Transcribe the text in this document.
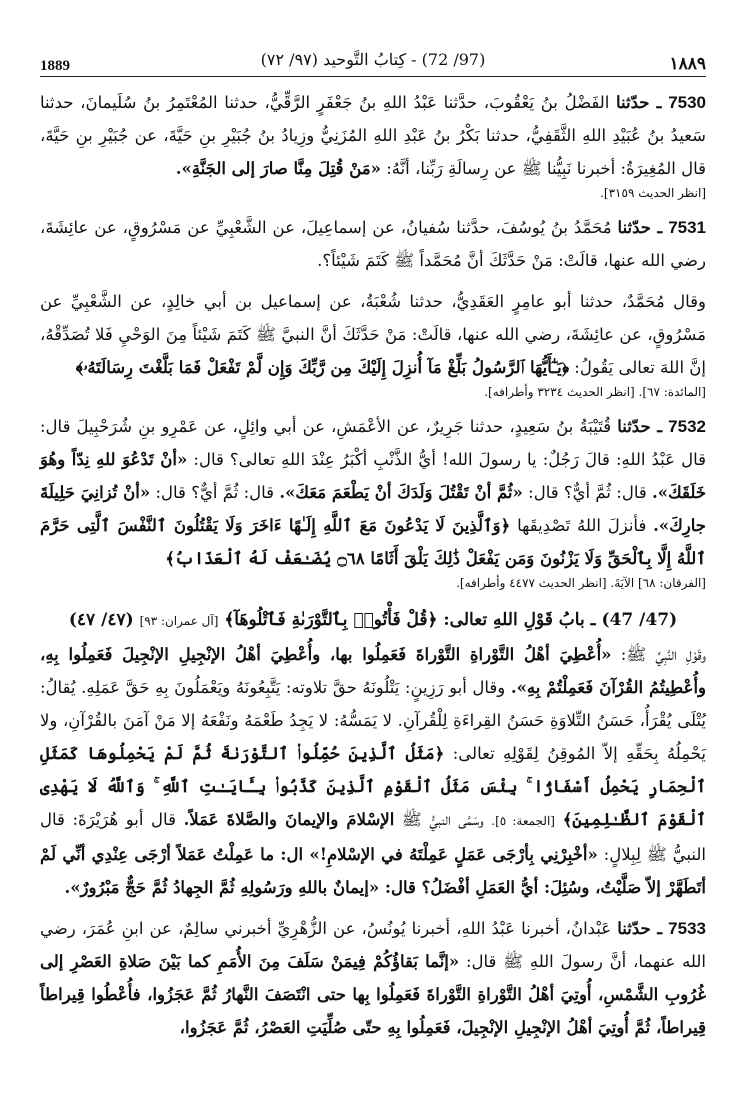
1889	(97/ 72) - كِتابُ التَّوحيد (٩٧/ ٧٢)	١٨٨٩

7530 ـ حدّثنا الفَضْلُ بنُ يَعْقُوبَ، حدَّثنا عَبْدُ اللهِ بنُ جَعْفَرٍ الرَّقِّيُّ، حدثنا المُعْتَمِرُ بنُ سُلَيمانَ، حدثنا سَعيدُ بنُ عُبَيْدِ اللهِ الثَّقَفِيُّ، حدثنا بَكْرُ بنُ عَبْدِ اللهِ المُزَنِيُّ وزِيادُ بنُ جُبَيْرِ بنِ حَيَّةَ، عن جُبَيْرِ بنِ حَيَّةَ، قال المُغِيرَةُ: أخبرنا نَبِيُّنا ﷺ عن رِسالَةِ رَبِّنا، أنَّهُ: «مَنْ قُتِلَ مِنَّا صارَ إلى الجَنَّةِ».
[انظر الحديث ٣١٥٩].

7531 ـ حدّثنا مُحَمَّدُ بنُ يُوسُفَ، حدَّثنا سُفيانُ، عن إسماعِيلَ، عن الشَّعْبِيِّ عن مَسْرُوقٍ، عن عائِشَةَ، رضي الله عنها، قالَتْ: مَنْ حَدَّثَكَ أنَّ مُحَمَّداً ﷺ كَتَمَ شَيْئاً؟.

وقال مُحَمَّدٌ، حدثنا أبو عامِرٍ العَقَدِيُّ، حدثنا شُعْبَةُ، عن إسماعيل بن أبي خالِدٍ، عن الشَّعْبِيِّ عن مَسْرُوقٍ، عن عائِشَةَ، رضي الله عنها، قالَتْ: مَنْ حَدَّثَكَ أنَّ النبيَّ ﷺ كَتَمَ شَيْئاً مِنَ الوَحْيِ فَلا تُصَدِّقْهُ، إنَّ اللهَ تعالى يَقُولُ: ﴿يَـٰٓأَيُّهَا ٱلرَّسُولُ بَلِّغْ مَآ أُنزِلَ إِلَيْكَ مِن رَّبِّكَ وَإِن لَّمْ تَفْعَلْ فَمَا بَلَّغْتَ رِسَالَتَهُۥ﴾
[المائدة: ٦٧]. [انظر الحديث ٣٢٣٤ وأطرافه].

7532 ـ حدّثنا قُتَيْبَةُ بنُ سَعِيدٍ، حدثنا جَرِيرٌ، عن الأعْمَشِ، عن أبي وائِلٍ، عن عَمْرِو بنِ شُرَحْبِيلَ قال: قال عَبْدُ اللهِ: قالَ رَجُلٌ: يا رسولَ الله! أيُّ الذَّنْبِ أكْبَرُ عِنْدَ اللهِ تعالى؟ قال: «أنْ تَدْعُوَ للهِ نِدّاً وهُوَ خَلَقَكَ». قال: ثُمَّ أيٌّ؟ قال: «ثُمَّ أنْ تَقْتُلَ وَلَدَكَ أنْ يَطْعَمَ مَعَكَ». قال: ثُمَّ أيٌّ؟ قال: «أنْ تُزانِيَ حَلِيلَةَ جارِكَ». فأنزلَ اللهُ تَصْدِيقَها ﴿وَٱلَّذِينَ لَا يَدْعُونَ مَعَ ٱللَّهِ إِلَـٰهًا ءَاخَرَ وَلَا يَقْتُلُونَ ٱلنَّفْسَ ٱلَّتِى حَرَّمَ ٱللَّهُ إِلَّا بِٱلْحَقِّ وَلَا يَزْنُونَ وَمَن يَفْعَلْ ذَٰلِكَ يَلْقَ أَثَامًا ۝٦٨ يُضَـٰعَفْ لَهُ ٱلْعَذَابُ﴾
[الفرقان: ٦٨] الآيَةَ. [انظر الحديث ٤٤٧٧ وأطرافه].

(47/ 47) ـ بابُ قَوْلِ اللهِ تعالى: ﴿قُلْ فَأْتُوا۟ بِٱلتَّوْرَىٰةِ فَٱتْلُوهَآ﴾ [آل عمران: ٩٣] (٤٧/ ٤٧)

وقَوْلِ النَّبِيِّ ﷺ: «أُعْطِيَ أهْلُ التَّوْراةِ التَّوْراةَ فَعَمِلُوا بها، وأُعْطِيَ أهْلُ الإنْجِيلِ الإنْجِيلَ فَعَمِلُوا بِهِ، وأُعْطِيتُمُ القُرْآنَ فَعَمِلْتُمْ بِهِ». وقال أبو رَزِينٍ: يَتْلُونَهُ حقَّ تلاوته: يَتَّبِعُونَهُ ويَعْمَلُونَ بِهِ حَقَّ عَمَلِهِ. يُقالُ: يُتْلَى يُقْرَأُ، حَسَنُ التِّلاوَةِ حَسَنُ القِراءَةِ لِلْقُرآنِ. لا يَمَسُّهُ: لا يَجِدُ طَعْمَهُ ونَفْعَهُ إلا مَنْ آمَنَ بالقُرْآنِ، ولا يَحْمِلُهُ بِحَقِّهِ إلاّ المُوقِنُ لِقَوْلِهِ تعالى: ﴿مَثَلُ ٱلَّذِينَ حُمِّلُوا۟ ٱلتَّوْرَىٰةَ ثُمَّ لَمْ يَحْمِلُوهَا كَمَثَلِ ٱلْحِمَارِ يَحْمِلُ أَسْفَارًۢا ۚ بِئْسَ مَثَلُ ٱلْقَوْمِ ٱلَّذِينَ كَذَّبُوا۟ بِـَٔايَـٰتِ ٱللَّهِ ۚ وَٱللَّهُ لَا يَهْدِى ٱلْقَوْمَ ٱلظَّـٰلِمِينَ﴾ [الجمعة: ٥]. وسَمَّى النبيُّ ﷺ الإسْلامَ والإيمانَ والصَّلاةَ عَمَلاً. قال أبو هُرَيْرَةَ: قال النبيُّ ﷺ لِبِلالٍ: «أخْبِرْنِي بِأرْجَى عَمَلٍ عَمِلْتَهُ في الإسْلامِ!» ال: ما عَمِلْتُ عَمَلاً أرْجَى عِنْدِي أنِّي لَمْ أتَطَهَّرْ إلاّ صَلَّيْتُ، وسُئِلَ: أيُّ العَمَلِ أفْضَلُ؟ قال: «إيمانٌ باللهِ ورَسُولِهِ ثُمَّ الجِهادُ ثُمَّ حَجٌّ مَبْرُورٌ».

7533 ـ حدّثنا عَبْدانُ، أخبرنا عَبْدُ اللهِ، أخبرنا يُونُسُ، عن الزُّهْرِيِّ أخبرني سالِمٌ، عن ابنِ عُمَرَ، رضي الله عنهما، أنَّ رسولَ اللهِ ﷺ قال: «إنَّما بَقاؤُكُمْ فِيمَنْ سَلَفَ مِنَ الأُمَمِ كما بَيْنَ صَلاةِ العَصْرِ إلى غُرُوبِ الشَّمْسِ، أُوتِيَ أهْلُ التَّوْراةِ التَّوْراةَ فَعَمِلُوا بِها حتى انْتَصَفَ النَّهارُ ثُمَّ عَجَزُوا، فأُعْطُوا قِيراطاً قِيراطاً، ثُمَّ أُوتِيَ أهْلُ الإنْجِيلِ الإنْجِيلَ، فَعَمِلُوا بِهِ حتّى صُلِّيَتِ العَصْرُ، ثُمَّ عَجَزُوا،
